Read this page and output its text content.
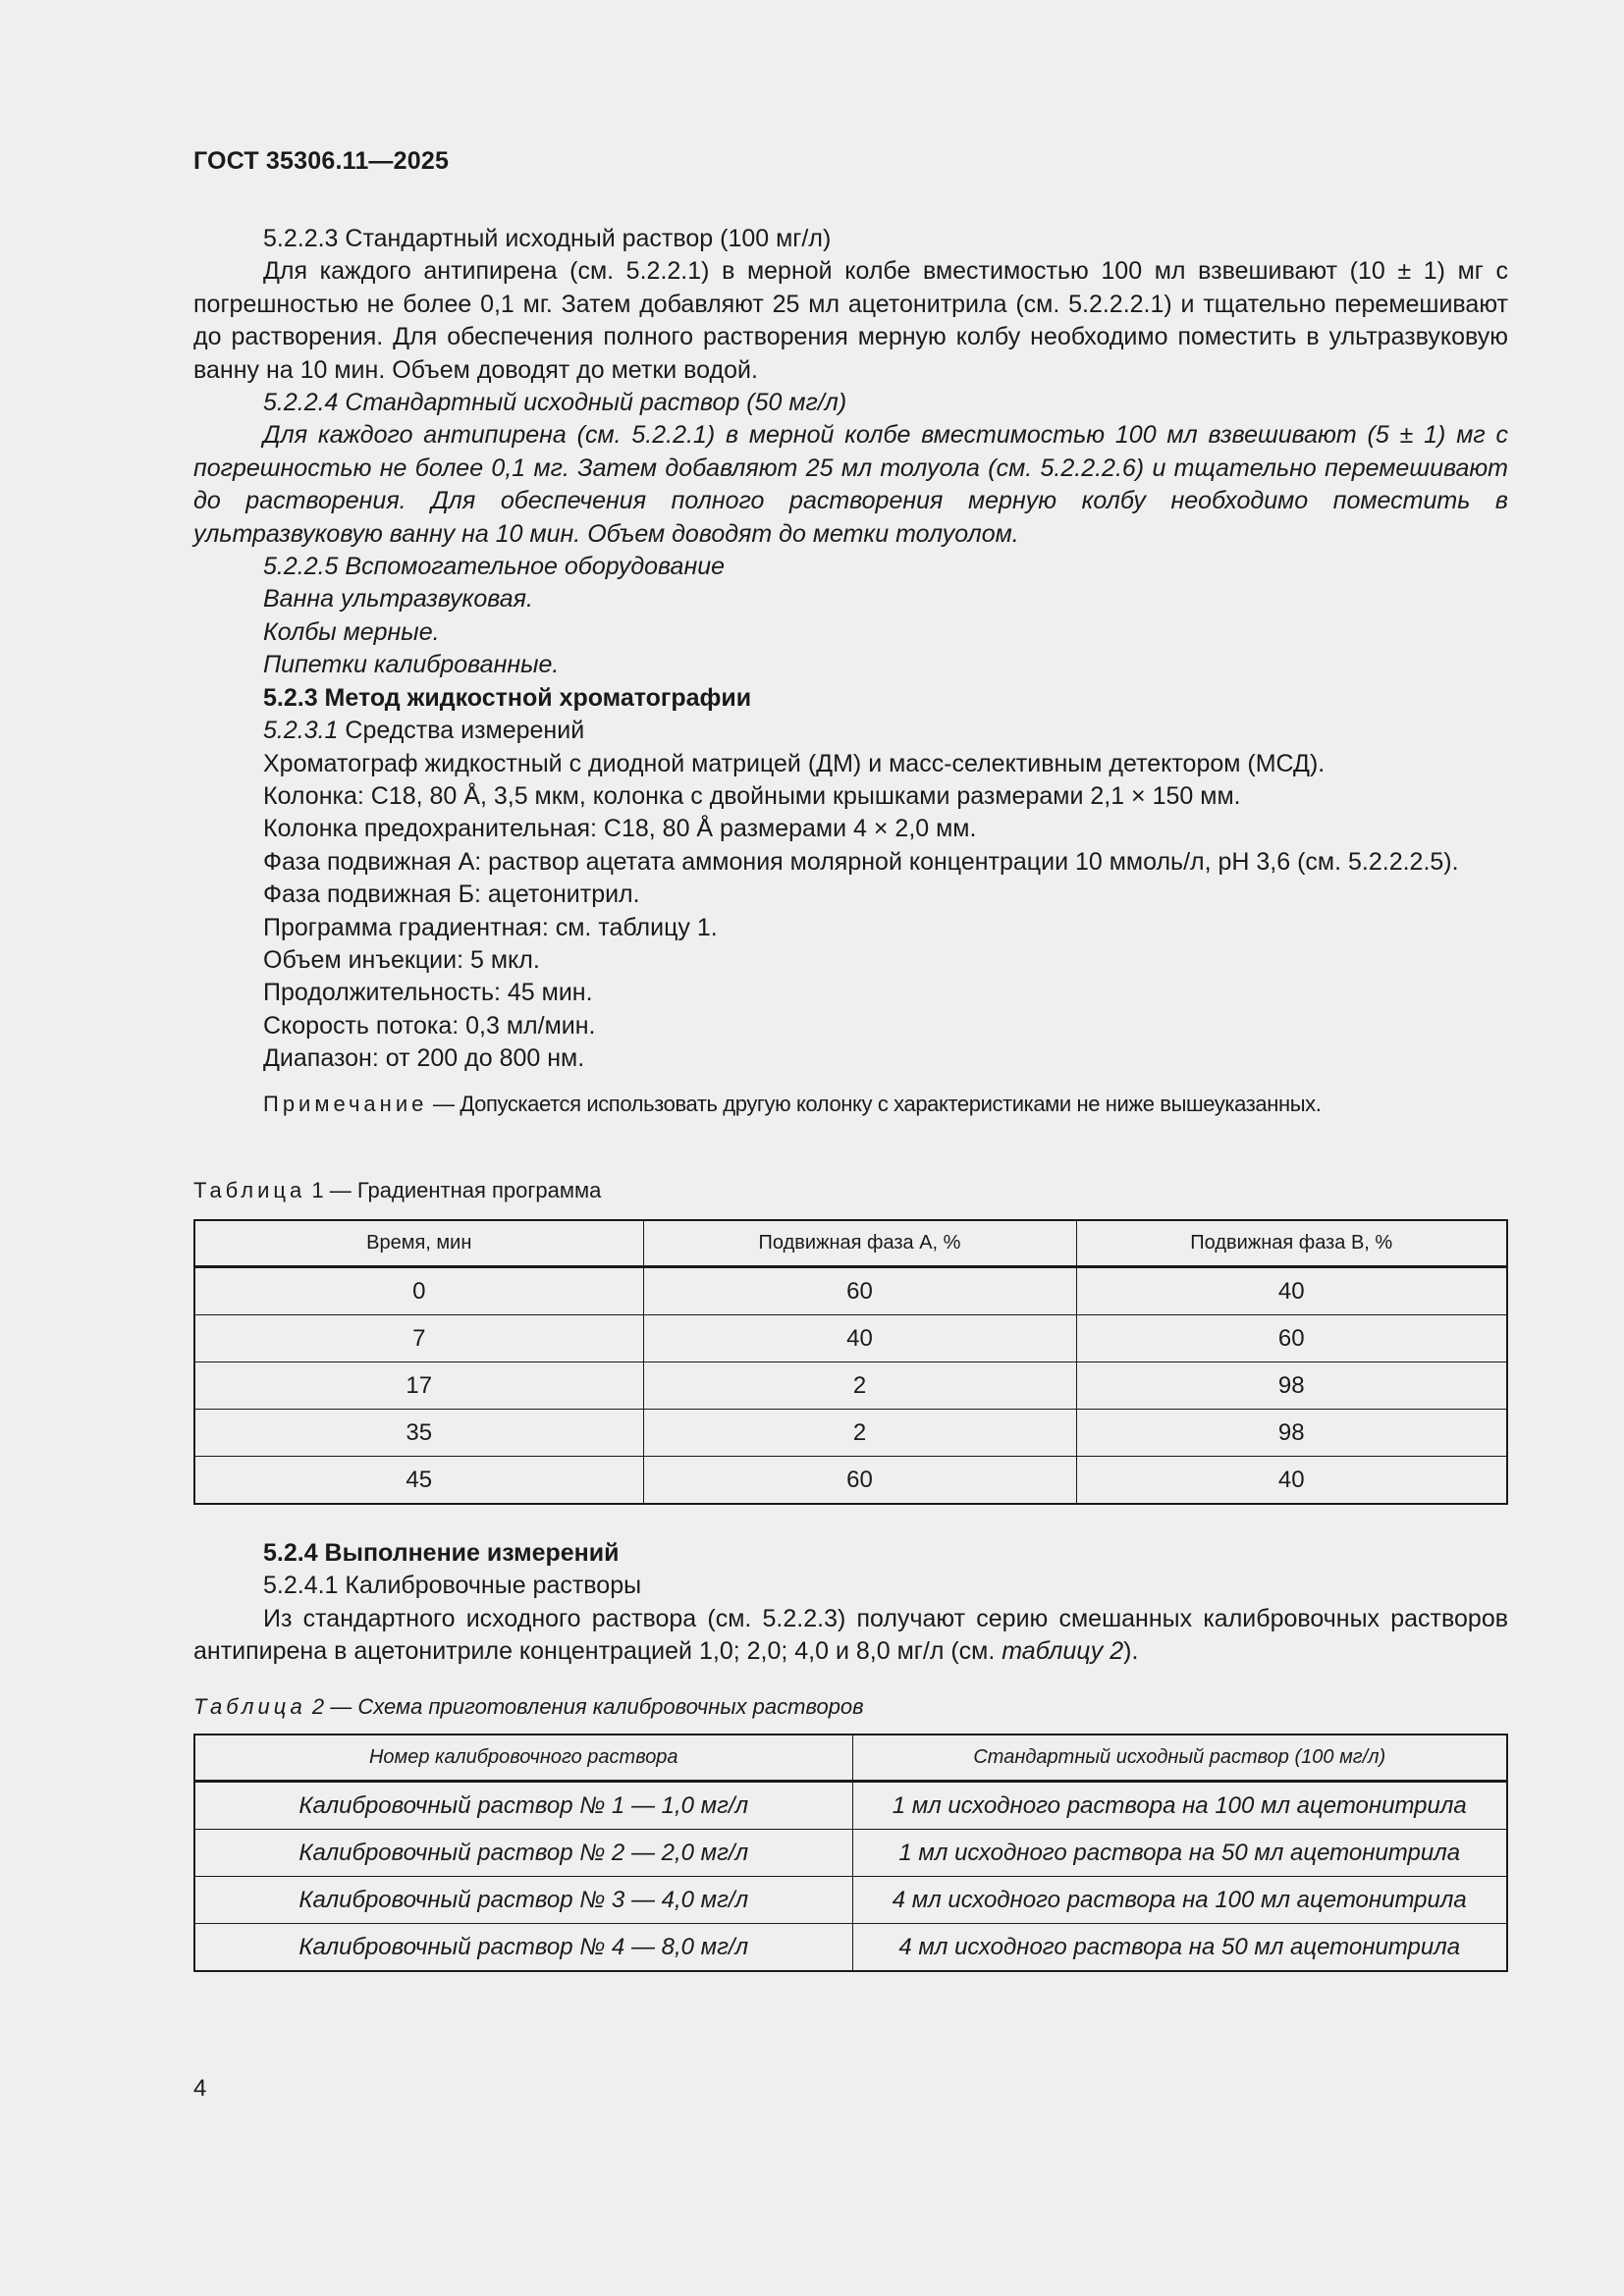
ГОСТ 35306.11—2025

5.2.2.3 Стандартный исходный раствор (100 мг/л)

Для каждого антипирена (см. 5.2.2.1) в мерной колбе вместимостью 100 мл взвешивают (10 ± 1) мг с погрешностью не более 0,1 мг. Затем добавляют 25 мл ацетонитрила (см. 5.2.2.2.1) и тщательно перемешивают до растворения. Для обеспечения полного растворения мерную колбу необходимо поместить в ультразвуковую ванну на 10 мин. Объем доводят до метки водой.

5.2.2.4 Стандартный исходный раствор (50 мг/л)

Для каждого антипирена (см. 5.2.2.1) в мерной колбе вместимостью 100 мл взвешивают (5 ± 1) мг с погрешностью не более 0,1 мг. Затем добавляют 25 мл толуола (см. 5.2.2.2.6) и тщательно перемешивают до растворения. Для обеспечения полного растворения мерную колбу необходимо поместить в ультразвуковую ванну на 10 мин. Объем доводят до метки толуолом.

5.2.2.5 Вспомогательное оборудование

Ванна ультразвуковая.

Колбы мерные.

Пипетки калиброванные.

5.2.3 Метод жидкостной хроматографии

5.2.3.1 Средства измерений

Хроматограф жидкостный с диодной матрицей (ДМ) и масс-селективным детектором (МСД).

Колонка: С18, 80 Å, 3,5 мкм, колонка с двойными крышками размерами 2,1 × 150 мм.

Колонка предохранительная: С18, 80 Å размерами 4 × 2,0 мм.

Фаза подвижная А: раствор ацетата аммония молярной концентрации 10 ммоль/л, pH 3,6 (см. 5.2.2.2.5).

Фаза подвижная Б: ацетонитрил.

Программа градиентная: см. таблицу 1.

Объем инъекции: 5 мкл.

Продолжительность: 45 мин.

Скорость потока: 0,3 мл/мин.

Диапазон: от 200 до 800 нм.

Примечание — Допускается использовать другую колонку с характеристиками не ниже вышеуказанных.

Таблица 1 — Градиентная программа
Время, мин	Подвижная фаза А, %	Подвижная фаза В, %
0	60	40
7	40	60
17	2	98
35	2	98
45	60	40

5.2.4 Выполнение измерений

5.2.4.1 Калибровочные растворы

Из стандартного исходного раствора (см. 5.2.2.3) получают серию смешанных калибровочных растворов антипирена в ацетонитриле концентрацией 1,0; 2,0; 4,0 и 8,0 мг/л (см. таблицу 2).

Таблица 2 — Схема приготовления калибровочных растворов
Номер калибровочного раствора	Стандартный исходный раствор (100 мг/л)
Калибровочный раствор № 1 — 1,0 мг/л	1 мл исходного раствора на 100 мл ацетонитрила
Калибровочный раствор № 2 — 2,0 мг/л	1 мл исходного раствора на 50 мл ацетонитрила
Калибровочный раствор № 3 — 4,0 мг/л	4 мл исходного раствора на 100 мл ацетонитрила
Калибровочный раствор № 4 — 8,0 мг/л	4 мл исходного раствора на 50 мл ацетонитрила
4
